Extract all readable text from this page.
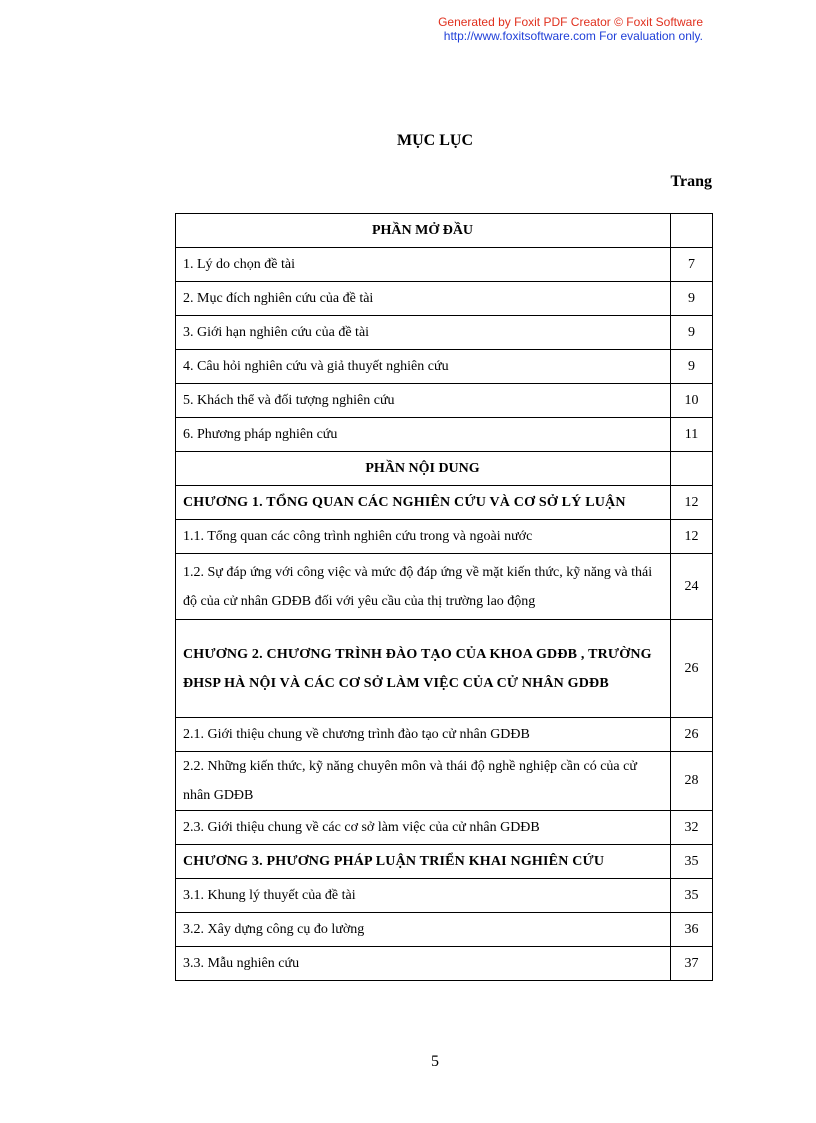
Generated by Foxit PDF Creator © Foxit Software
http://www.foxitsoftware.com For evaluation only.
MỤC LỤC
Trang
PHẦN MỞ ĐẦU	
1. Lý do chọn đề tài	7
2. Mục đích nghiên cứu của đề tài	9
3. Giới hạn nghiên cứu của đề tài	9
4. Câu hỏi nghiên cứu và giả thuyết nghiên cứu	9
5. Khách thể và đối tượng nghiên cứu	10
6. Phương pháp nghiên cứu	11
PHẦN NỘI DUNG	
CHƯƠNG 1. TỔNG QUAN CÁC NGHIÊN CỨU VÀ CƠ SỞ LÝ LUẬN	12
1.1. Tổng quan các công trình nghiên cứu trong và ngoài nước	12
1.2. Sự đáp ứng với công việc và mức độ đáp ứng về mặt kiến thức, kỹ năng và thái độ của cử nhân GDĐB đối với yêu cầu của thị trường lao động	24
CHƯƠNG 2. CHƯƠNG TRÌNH ĐÀO TẠO CỦA KHOA GDĐB , TRƯỜNG ĐHSP HÀ NỘI VÀ CÁC CƠ SỞ LÀM VIỆC CỦA CỬ NHÂN GDĐB	26
2.1. Giới thiệu chung về chương trình đào tạo cử nhân GDĐB	26
2.2. Những kiến thức, kỹ năng chuyên môn và thái độ nghề nghiệp cần có của cử nhân GDĐB	28
2.3. Giới thiệu chung về các cơ sở làm việc của cử nhân GDĐB	32
CHƯƠNG 3. PHƯƠNG PHÁP LUẬN TRIỂN KHAI NGHIÊN CỨU	35
3.1. Khung lý thuyết của đề tài	35
3.2. Xây dựng công cụ đo lường	36
3.3. Mẫu nghiên cứu	37
5
